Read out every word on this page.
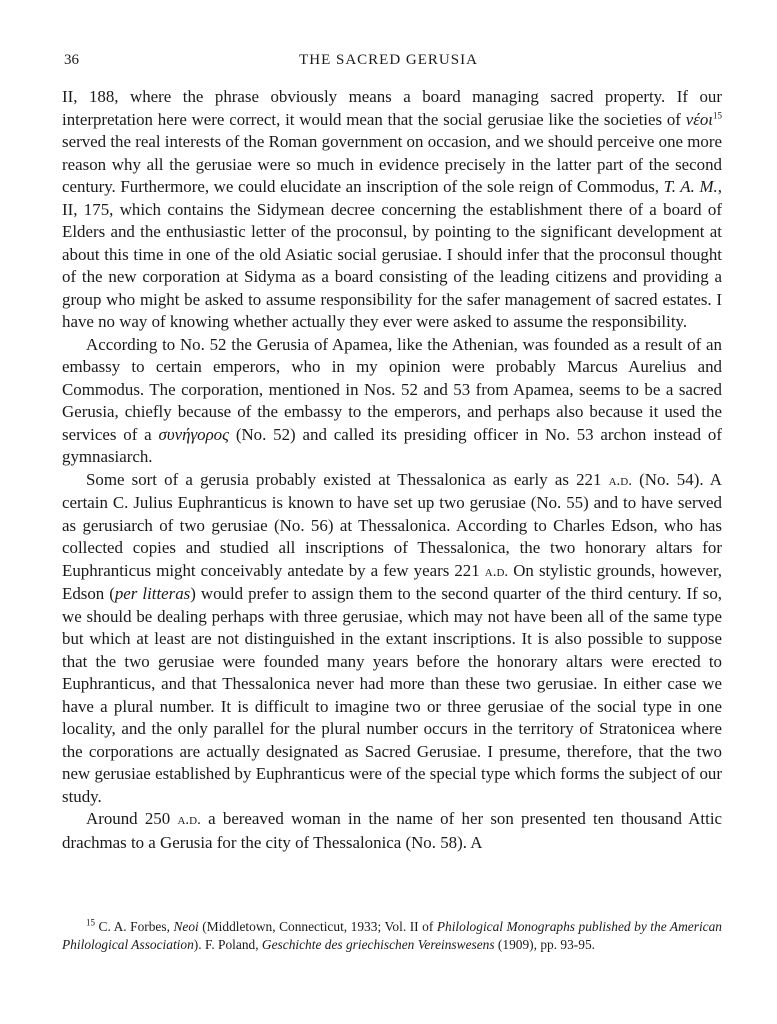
36	THE SACRED GERUSIA

II, 188, where the phrase obviously means a board managing sacred property. If our interpretation here were correct, it would mean that the social gerusiae like the societies of νέοι$^{15}$ served the real interests of the Roman government on occasion, and we should perceive one more reason why all the gerusiae were so much in evidence precisely in the latter part of the second century. Furthermore, we could elucidate an inscription of the sole reign of Commodus, T. A. M., II, 175, which contains the Sidymean decree concerning the establishment there of a board of Elders and the enthusiastic letter of the proconsul, by pointing to the significant development at about this time in one of the old Asiatic social gerusiae. I should infer that the proconsul thought of the new corporation at Sidyma as a board consisting of the leading citizens and providing a group who might be asked to assume responsibility for the safer management of sacred estates. I have no way of knowing whether actually they ever were asked to assume the responsibility.

According to No. 52 the Gerusia of Apamea, like the Athenian, was founded as a result of an embassy to certain emperors, who in my opinion were probably Marcus Aurelius and Commodus. The corporation, mentioned in Nos. 52 and 53 from Apamea, seems to be a sacred Gerusia, chiefly because of the embassy to the emperors, and perhaps also because it used the services of a συνήγορος (No. 52) and called its presiding officer in No. 53 archon instead of gymnasiarch.

Some sort of a gerusia probably existed at Thessalonica as early as 221 a.d. (No. 54). A certain C. Julius Euphranticus is known to have set up two gerusiae (No. 55) and to have served as gerusiarch of two gerusiae (No. 56) at Thessalonica. According to Charles Edson, who has collected copies and studied all inscriptions of Thessalonica, the two honorary altars for Euphranticus might conceivably antedate by a few years 221 a.d. On stylistic grounds, however, Edson (per litteras) would prefer to assign them to the second quarter of the third century. If so, we should be dealing perhaps with three gerusiae, which may not have been all of the same type but which at least are not distinguished in the extant inscriptions. It is also possible to suppose that the two gerusiae were founded many years before the honorary altars were erected to Euphranticus, and that Thessalonica never had more than these two gerusiae. In either case we have a plural number. It is difficult to imagine two or three gerusiae of the social type in one locality, and the only parallel for the plural number occurs in the territory of Stratonicea where the corporations are actually designated as Sacred Gerusiae. I presume, therefore, that the two new gerusiae established by Euphranticus were of the special type which forms the subject of our study.

Around 250 a.d. a bereaved woman in the name of her son presented ten thousand Attic drachmas to a Gerusia for the city of Thessalonica (No. 58). A

$^{15}$ C. A. Forbes, Neoi (Middletown, Connecticut, 1933; Vol. II of Philological Monographs published by the American Philological Association). F. Poland, Geschichte des griechischen Vereinswesens (1909), pp. 93-95.
